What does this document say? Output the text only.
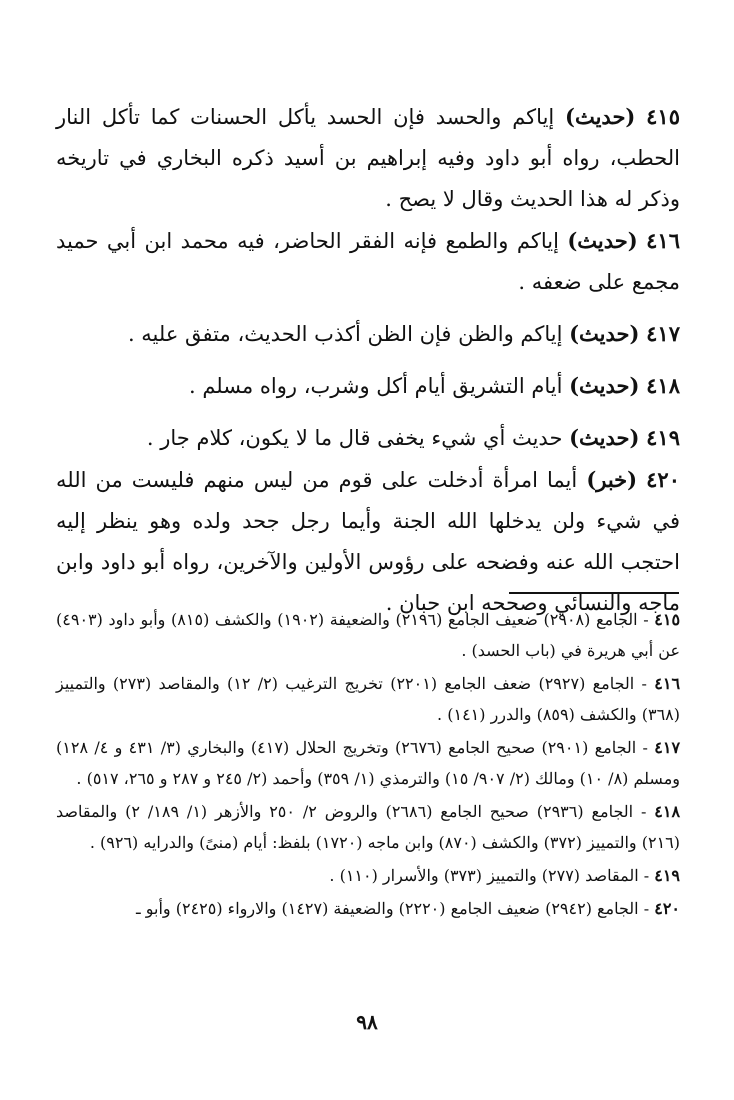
٤١٥ (حديث) إياكم والحسد فإن الحسد يأكل الحسنات كما تأكل النار الحطب، رواه أبو داود وفيه إبراهيم بن أسيد ذكره البخاري في تاريخه وذكر له هذا الحديث وقال لا يصح .

٤١٦ (حديث) إياكم والطمع فإنه الفقر الحاضر، فيه محمد ابن أبي حميد مجمع على ضعفه .

٤١٧ (حديث) إياكم والظن فإن الظن أكذب الحديث، متفق عليه .

٤١٨ (حديث) أيام التشريق أيام أكل وشرب، رواه مسلم .

٤١٩ (حديث) حديث أي شيء يخفى قال ما لا يكون، كلام جار .

٤٢٠ (خبر) أيما امرأة أدخلت على قوم من ليس منهم فليست من الله في شيء ولن يدخلها الله الجنة وأيما رجل جحد ولده وهو ينظر إليه احتجب الله عنه وفضحه على رؤوس الأولين والآخرين، رواه أبو داود وابن ماجه والنسائي وصححه ابن حبان .

٤١٥ - الجامع (٢٩٠٨) ضعيف الجامع (٢١٩٦) والضعيفة (١٩٠٢) والكشف (٨١٥) وأبو داود (٤٩٠٣) عن أبي هريرة في (باب الحسد) .

٤١٦ - الجامع (٢٩٢٧) ضعف الجامع (٢٢٠١) تخريج الترغيب (٢/ ١٢) والمقاصد (٢٧٣) والتمييز (٣٦٨) والكشف (٨٥٩) والدرر (١٤١) .

٤١٧ - الجامع (٢٩٠١) صحيح الجامع (٢٦٧٦) وتخريج الحلال (٤١٧) والبخاري (٣/ ٤٣١ و ٤/ ١٢٨) ومسلم (٨/ ١٠) ومالك (٢/ ٩٠٧/ ١٥) والترمذي (١/ ٣٥٩) وأحمد (٢/ ٢٤٥ و ٢٨٧ و ٢٦٥، ٥١٧) .

٤١٨ - الجامع (٢٩٣٦) صحيح الجامع (٢٦٨٦) والروض ٢/ ٢٥٠ والأزهر (١/ ١٨٩/ ٢) والمقاصد (٢١٦) والتمييز (٣٧٢) والكشف (٨٧٠) وابن ماجه (١٧٢٠) بلفظ: أيام (منىً) والدرايه (٩٢٦) .

٤١٩ - المقاصد (٢٧٧) والتمييز (٣٧٣) والأسرار (١١٠) .

٤٢٠ - الجامع (٢٩٤٢) ضعيف الجامع (٢٢٢٠) والضعيفة (١٤٢٧) والارواء (٢٤٢٥) وأبو ـ

٩٨
